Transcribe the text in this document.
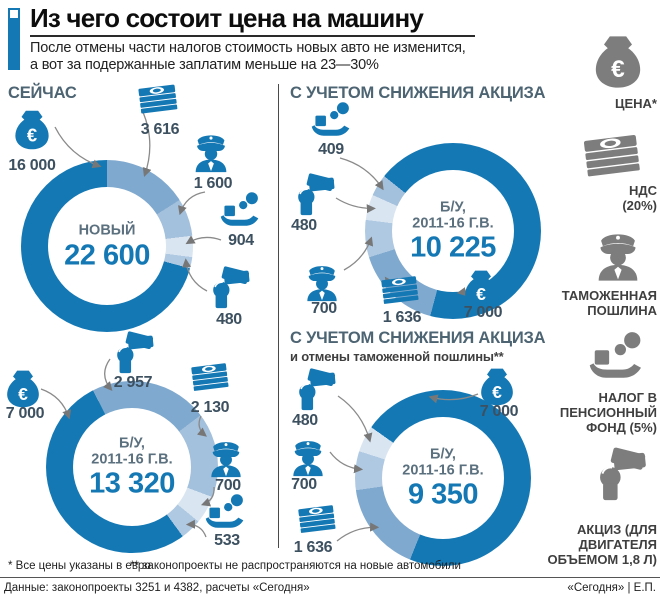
Из чего состоит цена на машину
После отмены части налогов стоимость новых авто не изменится,
а вот за подержанные заплатим меньше на 23—30%
СЕЙЧАС	С УЧЕТОМ СНИЖЕНИЯ АКЦИЗА
С УЧЕТОМ СНИЖЕНИЯ АКЦИЗА
и отмены таможенной пошлины**
НОВЫЙ
22 600
16 000
3 616
1 600
904
480
Б/У,
2011-16 Г.В.
13 320
7 000
2 957
2 130
700
533
Б/У,
2011-16 Г.В.
10 225
409
480
700
1 636	7 000
Б/У,
2011-16 Г.В.
9 350
480
700
1 636
7 000
ЦЕНА*
НДС
(20%)
ТАМОЖЕННАЯ
ПОШЛИНА
НАЛОГ В
ПЕНСИОННЫЙ
ФОНД (5%)
АКЦИЗ (ДЛЯ
ДВИГАТЕЛЯ
ОБЪЕМОМ 1,8 Л)
* Все цены указаны в евро
** законопроекты не распространяются на новые автомобили
Данные: законопроекты 3251 и 4382, расчеты «Сегодня»	«Сегодня» | Е.П.
